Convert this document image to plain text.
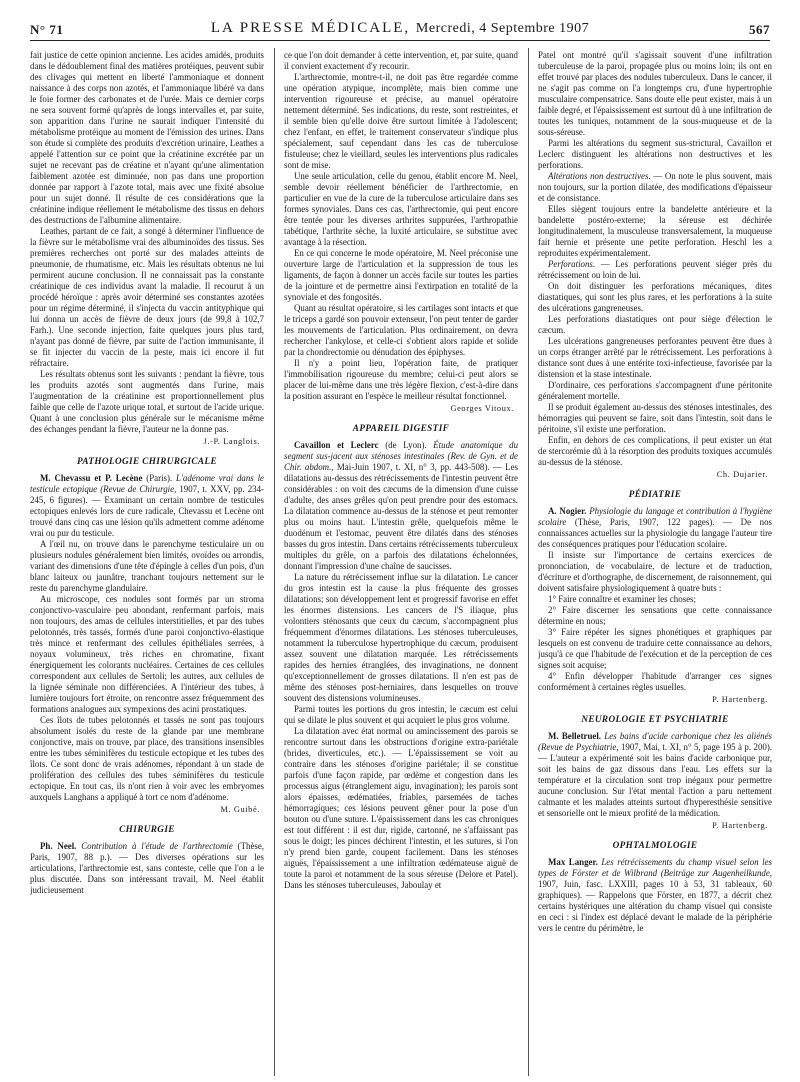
N° 71	LA PRESSE MÉDICALE, Mercredi, 4 Septembre 1907	567

fait justice de cette opinion ancienne. Les acides amidés, produits dans le dédoublement final des matières protéiques, peuvent subir des clivages qui mettent en liberté l'ammoniaque et donnent naissance à des corps non azotés, et l'ammoniaque libéré va dans le foie former des carbonates et de l'urée. Mais ce dernier corps ne sera souvent formé qu'après de longs intervalles et, par suite, son apparition dans l'urine ne saurait indiquer l'intensité du métabolisme protéique au moment de l'émission des urines. Dans son étude si complète des produits d'excrétion urinaire, Leathes a appelé l'attention sur ce point que la créatinine excrétée par un sujet ne recevant pas de créatine et n'ayant qu'une alimentation faiblement azotée est diminuée, non pas dans une proportion donnée par rapport à l'azote total, mais avec une fixité absolue pour un sujet donné. Il résulte de ces considérations que la créatinine indique réellement le métabolisme des tissus en dehors des destructions de l'albumine alimentaire.

Leathes, partant de ce fait, a songé à déterminer l'influence de la fièvre sur le métabolisme vrai des albuminoïdes des tissus. Ses premières recherches ont porté sur des malades atteints de pneumonie, de rhumatisme, etc. Mais les résultats obtenus ne lui permirent aucune conclusion. Il ne connaissait pas la constante créatinique de ces individus avant la maladie. Il recourut à un procédé héroïque : après avoir déterminé ses constantes azotées pour un régime déterminé, il s'injecta du vaccin antityphique qui lui donna un accès de fièvre de deux jours (de 99,8 à 102,7 Farh.). Une seconde injection, faite quelques jours plus tard, n'ayant pas donné de fièvre, par suite de l'action immunisante, il se fit injecter du vaccin de la peste, mais ici encore il fut réfractaire.

Les résultats obtenus sont les suivants : pendant la fièvre, tous les produits azotés sont augmentés dans l'urine, mais l'augmentation de la créatinine est proportionnellement plus faible que celle de l'azote urique total, et surtout de l'acide urique. Quant à une conclusion plus générale sur le mécanisme même des échanges pendant la fièvre, l'auteur ne la donne pas.

J.-P. Langlois.
PATHOLOGIE CHIRURGICALE

M. Chevassu et P. Lecène (Paris). L'adénome vrai dans le testicule ectopique (Revue de Chirurgie, 1907, t. XXV, pp. 234-245, 6 figures). — Examinant un certain nombre de testicules ectopiques enlevés lors de cure radicale, Chevassu et Lecène ont trouvé dans cinq cas une lésion qu'ils admettent comme adénome vrai ou pur du testicule.

A l'œil nu, on trouve dans le parenchyme testiculaire un ou plusieurs nodules généralement bien limités, ovoïdes ou arrondis, variant des dimensions d'une tête d'épingle à celles d'un pois, d'un blanc laiteux ou jaunâtre, tranchant toujours nettement sur le reste du parenchyme glandulaire.

Au microscope, ces nodules sont formés par un stroma conjonctivo-vasculaire peu abondant, renfermant parfois, mais non toujours, des amas de cellules interstitielles, et par des tubes pelotonnés, très tassés, formés d'une paroi conjonctivo-élastique très mince et renfermant des cellules épithéliales serrées, à noyaux volumineux, très riches en chromatine, fixant énergiquement les colorants nucléaires. Certaines de ces cellules correspondent aux cellules de Sertoli; les autres, aux cellules de la lignée séminale non différenciées. A l'intérieur des tubes, à lumière toujours fort étroite, on rencontre assez fréquemment des formations analogues aux sympexions des acini prostatiques.

Ces îlots de tubes pelotonnés et tassés ne sont pas toujours absolument isolés du reste de la glande par une membrane conjonctive, mais on trouve, par place, des transitions insensibles entre les tubes séminifères du testicule ectopique et les tubes des îlots. Ce sont donc de vrais adénomes, répondant à un stade de prolifération des cellules des tubes séminifères du testicule ectopique. En tout cas, ils n'ont rien à voir avec les embryomes auxquels Langhans a appliqué à tort ce nom d'adénome.

M. Guibé.
CHIRURGIE

Ph. Neel. Contribution à l'étude de l'arthrectomie (Thèse, Paris, 1907, 88 p.). — Des diverses opérations sur les articulations, l'arthrectomie est, sans conteste, celle que l'on a le plus discutée. Dans son intéressant travail, M. Neel établit judicieusement

ce que l'on doit demander à cette intervention, et, par suite, quand il convient exactement d'y recourir.

L'arthrectomie, montre-t-il, ne doit pas être regardée comme une opération atypique, incomplète, mais bien comme une intervention rigoureuse et précise, au manuel opératoire nettement déterminé. Ses indications, du reste, sont restreintes, et il semble bien qu'elle doive être surtout limitée à l'adolescent; chez l'enfant, en effet, le traitement conservateur s'indique plus spécialement, sauf cependant dans les cas de tuberculose fistuleuse; chez le vieillard, seules les interventions plus radicales sont de mise.

Une seule articulation, celle du genou, établit encore M. Neel, semble devoir réellement bénéficier de l'arthrectomie, en particulier en vue de la cure de la tuberculose articulaire dans ses formes synoviales. Dans ces cas, l'arthrectomie, qui peut encore être tentée pour les diverses arthrites suppurées, l'arthropathie tabétique, l'arthrite sèche, la luxité articulaire, se substitue avec avantage à la résection.

En ce qui concerne le mode opératoire, M. Neel préconise une ouverture large de l'articulation et la suppression de tous les ligaments, de façon à donner un accès facile sur toutes les parties de la jointure et de permettre ainsi l'extirpation en totalité de la synoviale et des fongosités.

Quant au résultat opératoire, si les cartilages sont intacts et que le triceps a gardé son pouvoir extenseur, l'on peut tenter de garder les mouvements de l'articulation. Plus ordinairement, on devra rechercher l'ankylose, et celle-ci s'obtient alors rapide et solide par la chondrectomie ou dénudation des épiphyses.

Il n'y a point lieu, l'opération faite, de pratiquer l'immobilisation rigoureuse du membre; celui-ci peut alors se placer de lui-même dans une très légère flexion, c'est-à-dire dans la position assurant en l'espèce le meilleur résultat fonctionnel.

Georges Vitoux.
APPAREIL DIGESTIF

Cavaillon et Leclerc (de Lyon). Étude anatomique du segment sus-jacent aux sténoses intestinales (Rev. de Gyn. et de Chir. abdom., Mai-Juin 1907, t. XI, n° 3, pp. 443-508). — Les dilatations au-dessus des rétrécissements de l'intestin peuvent être considérables : on voit des cæcums de la dimension d'une cuisse d'adulte, des anses grêles qu'on peut prendre pour des estomacs. La dilatation commence au-dessus de la sténose et peut remonter plus ou moins haut. L'intestin grêle, quelquefois même le duodénum et l'estomac, peuvent être dilatés dans des sténoses basses du gros intestin. Dans certains rétrécissements tuberculeux multiples du grêle, on a parfois des dilatations échelonnées, donnant l'impression d'une chaîne de saucisses.

La nature du rétrécissement influe sur la dilatation. Le cancer du gros intestin est la cause la plus fréquente des grosses dilatations; son développement lent et progressif favorise en effet les énormes distensions. Les cancers de l'S iliaque, plus volontiers sténosants que ceux du cæcum, s'accompagnent plus fréquemment d'énormes dilatations. Les sténoses tuberculeuses, notamment la tuberculose hypertrophique du cæcum, produisent assez souvent une dilatation marquée. Les rétrécissements rapides des hernies étranglées, des invaginations, ne donnent qu'exceptionnellement de grosses dilatations. Il n'en est pas de même des sténoses post-herniaires, dans lesquelles on trouve souvent des distensions volumineuses.

Parmi toutes les portions du gros intestin, le cæcum est celui qui se dilate le plus souvent et qui acquiert le plus gros volume.

La dilatation avec état normal ou amincissement des parois se rencontre surtout dans les obstructions d'origine extra-pariétale (brides, diverticules, etc.). — L'épaississement se voit au contraire dans les sténoses d'origine pariétale; il se constitue parfois d'une façon rapide, par œdème et congestion dans les processus aigus (étranglement aigu, invagination); les parois sont alors épaisses, œdématiées, friables, parsemées de taches hémorragiques; ces lésions peuvent gêner pour la pose d'un bouton ou d'une suture. L'épaississement dans les cas chroniques est tout différent : il est dur, rigide, cartonné, ne s'affaissant pas sous le doigt; les pinces déchirent l'intestin, et les sutures, si l'on n'y prend bien garde, coupent facilement. Dans les sténoses aiguës, l'épaississement a une infiltration œdémateuse aiguë de toute la paroi et notamment de la sous séreuse (Delore et Patel). Dans les sténoses tuberculeuses, Jaboulay et

Patel ont montré qu'il s'agissait souvent d'une infiltration tuberculeuse de la paroi, propagée plus ou moins loin; ils ont en effet trouvé par places des nodules tuberculeux. Dans le cancer, il ne s'agit pas comme on l'a longtemps cru, d'une hypertrophie musculaire compensatrice. Sans doute elle peut exister, mais à un faible degré, et l'épaississement est surtout dû à une infiltration de toutes les tuniques, notamment de la sous-muqueuse et de la sous-séreuse.

Parmi les altérations du segment sus-strictural, Cavaillon et Leclerc distinguent les altérations non destructives et les perforations.

Altérations non destructives. — On note le plus souvent, mais non toujours, sur la portion dilatée, des modifications d'épaisseur et de consistance.

Elles siègent toujours entre la bandelette antérieure et la bandelette postéro-externe; la séreuse est déchirée longitudinalement, la musculeuse transversalement, la muqueuse fait hernie et présente une petite perforation. Heschl les a reproduites expérimentalement.

Perforations. — Les perforations peuvent siéger près du rétrécissement ou loin de lui.

On doit distinguer les perforations mécaniques, dites diastatiques, qui sont les plus rares, et les perforations à la suite des ulcérations gangreneuses.

Les perforations diastatiques ont pour siège d'élection le cæcum.

Les ulcérations gangreneuses perforantes peuvent être dues à un corps étranger arrêté par le rétrécissement. Les perforations à distance sont dues à une entérite toxi-infectieuse, favorisée par la distension et la stase intestinale.

D'ordinaire, ces perforations s'accompagnent d'une péritonite généralement mortelle.

Il se produit également au-dessus des sténoses intestinales, des hémorragies qui peuvent se faire, soit dans l'intestin, soit dans le péritoine, s'il existe une perforation.

Enfin, en dehors de ces complications, il peut exister un état de stercorémie dû à la résorption des produits toxiques accumulés au-dessus de la sténose.

Ch. Dujarier.
PÉDIATRIE

A. Nogier. Physiologie du langage et contribution à l'hygiène scolaire (Thèse, Paris, 1907, 122 pages). — De nos connaissances actuelles sur la physiologie du langage l'auteur tire des conséquences pratiques pour l'éducation scolaire.

Il insiste sur l'importance de certains exercices de prononciation, de vocabulaire, de lecture et de traduction, d'écriture et d'orthographe, de discernement, de raisonnement, qui doivent satisfaire physiologiquement à quatre buts :

1° Faire connaître et examiner les choses;

2° Faire discerner les sensations que cette connaissance détermine en nous;

3° Faire répéter les signes phonétiques et graphiques par lesquels on est convenu de traduire cette connaissance au dehors, jusqu'à ce que l'habitude de l'exécution et de la perception de ces signes soit acquise;

4° Enfin développer l'habitude d'arranger ces signes conformément à certaines règles usuelles.

P. Hartenberg.
NEUROLOGIE ET PSYCHIATRIE

M. Belletruel. Les bains d'acide carbonique chez les aliénés (Revue de Psychiatrie, 1907, Mai, t. XI, n° 5, page 195 à p. 200). — L'auteur a expérimenté soit les bains d'acide carbonique pur, soit les bains de gaz dissous dans l'eau. Les effets sur la température et la circulation sont trop inégaux pour permettre aucune conclusion. Sur l'état mental l'action a paru nettement calmante et les malades atteints surtout d'hyperesthésie sensitive et sensorielle ont le mieux profité de la médication.

P. Hartenberg.
OPHTALMOLOGIE

Max Langer. Les rétrécissements du champ visuel selon les types de Förster et de Wilbrand (Beiträge zur Augenheilkunde, 1907, Juin, fasc. LXXIII, pages 10 à 53, 31 tableaux, 60 graphiques). — Rappelons que Förster, en 1877, a décrit chez certains hystériques une altération du champ visuel qui consiste en ceci : si l'index est déplacé devant le malade de la périphérie vers le centre du périmètre, le
